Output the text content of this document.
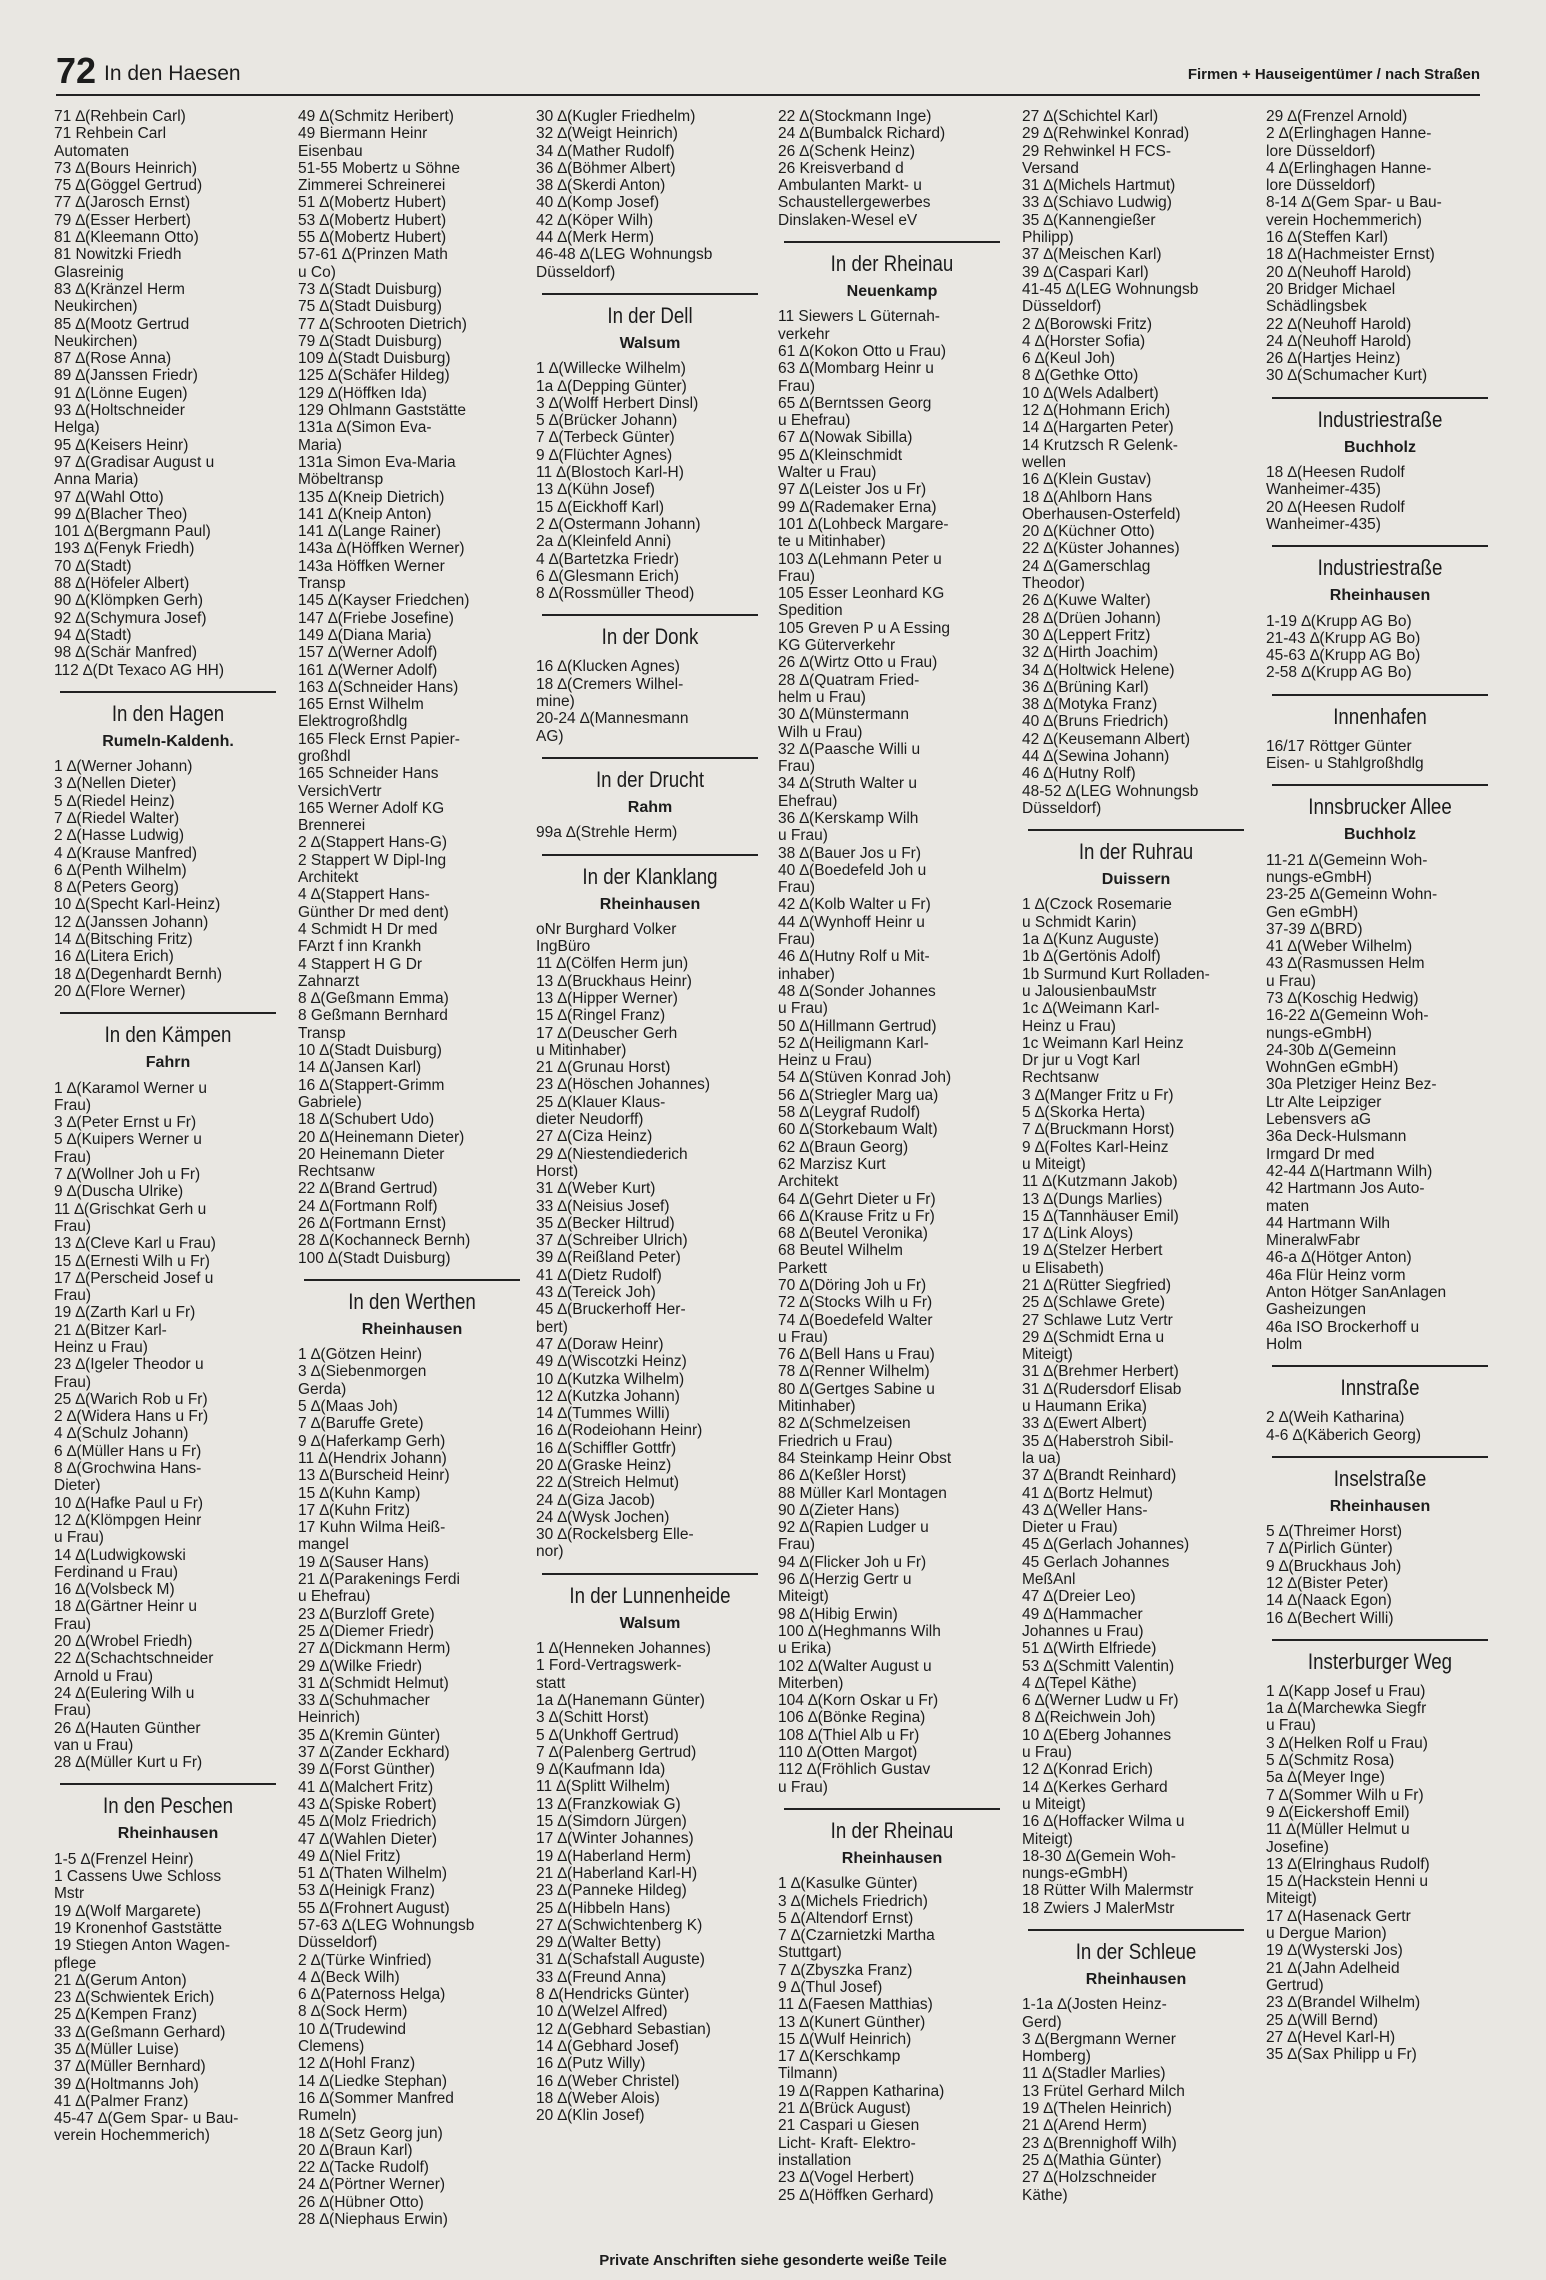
72 In den Haesen	Firmen + Hauseigentümer / nach Straßen
71 ∆(Rehbein Carl)
71 Rehbein Carl
Automaten
73 ∆(Bours Heinrich)
75 ∆(Göggel Gertrud)
77 ∆(Jarosch Ernst)
79 ∆(Esser Herbert)
81 ∆(Kleemann Otto)
81 Nowitzki Friedh
Glasreinig
83 ∆(Kränzel Herm
Neukirchen)
85 ∆(Mootz Gertrud
Neukirchen)
87 ∆(Rose Anna)
89 ∆(Janssen Friedr)
91 ∆(Lönne Eugen)
93 ∆(Holtschneider
Helga)
95 ∆(Keisers Heinr)
97 ∆(Gradisar August u
Anna Maria)
97 ∆(Wahl Otto)
99 ∆(Blacher Theo)
101 ∆(Bergmann Paul)
193 ∆(Fenyk Friedh)
70 ∆(Stadt)
88 ∆(Höfeler Albert)
90 ∆(Klömpken Gerh)
92 ∆(Schymura Josef)
94 ∆(Stadt)
98 ∆(Schär Manfred)
112 ∆(Dt Texaco AG HH)
In den Hagen
Rumeln-Kaldenh.
1 ∆(Werner Johann)
3 ∆(Nellen Dieter)
5 ∆(Riedel Heinz)
7 ∆(Riedel Walter)
2 ∆(Hasse Ludwig)
4 ∆(Krause Manfred)
6 ∆(Penth Wilhelm)
8 ∆(Peters Georg)
10 ∆(Specht Karl-Heinz)
12 ∆(Janssen Johann)
14 ∆(Bitsching Fritz)
16 ∆(Litera Erich)
18 ∆(Degenhardt Bernh)
20 ∆(Flore Werner)
In den Kämpen
Fahrn
1 ∆(Karamol Werner u
Frau)
3 ∆(Peter Ernst u Fr)
5 ∆(Kuipers Werner u
Frau)
7 ∆(Wollner Joh u Fr)
9 ∆(Duscha Ulrike)
11 ∆(Grischkat Gerh u
Frau)
13 ∆(Cleve Karl u Frau)
15 ∆(Ernesti Wilh u Fr)
17 ∆(Perscheid Josef u
Frau)
19 ∆(Zarth Karl u Fr)
21 ∆(Bitzer Karl-
Heinz u Frau)
23 ∆(Igeler Theodor u
Frau)
25 ∆(Warich Rob u Fr)
2 ∆(Widera Hans u Fr)
4 ∆(Schulz Johann)
6 ∆(Müller Hans u Fr)
8 ∆(Grochwina Hans-
Dieter)
10 ∆(Hafke Paul u Fr)
12 ∆(Klömpgen Heinr
u Frau)
14 ∆(Ludwigkowski
Ferdinand u Frau)
16 ∆(Volsbeck M)
18 ∆(Gärtner Heinr u
Frau)
20 ∆(Wrobel Friedh)
22 ∆(Schachtschneider
Arnold u Frau)
24 ∆(Eulering Wilh u
Frau)
26 ∆(Hauten Günther
van u Frau)
28 ∆(Müller Kurt u Fr)
In den Peschen
Rheinhausen
1-5 ∆(Frenzel Heinr)
1 Cassens Uwe Schloss
Mstr
19 ∆(Wolf Margarete)
19 Kronenhof Gaststätte
19 Stiegen Anton Wagen-
pflege
21 ∆(Gerum Anton)
23 ∆(Schwientek Erich)
25 ∆(Kempen Franz)
33 ∆(Geßmann Gerhard)
35 ∆(Müller Luise)
37 ∆(Müller Bernhard)
39 ∆(Holtmanns Joh)
41 ∆(Palmer Franz)
45-47 ∆(Gem Spar- u Bau-
verein Hochemmerich)
49 ∆(Schmitz Heribert)
49 Biermann Heinr
Eisenbau
51-55 Mobertz u Söhne
Zimmerei Schreinerei
51 ∆(Mobertz Hubert)
53 ∆(Mobertz Hubert)
55 ∆(Mobertz Hubert)
57-61 ∆(Prinzen Math
u Co)
73 ∆(Stadt Duisburg)
75 ∆(Stadt Duisburg)
77 ∆(Schrooten Dietrich)
79 ∆(Stadt Duisburg)
109 ∆(Stadt Duisburg)
125 ∆(Schäfer Hildeg)
129 ∆(Höffken Ida)
129 Ohlmann Gaststätte
131a ∆(Simon Eva-
Maria)
131a Simon Eva-Maria
Möbeltransp
135 ∆(Kneip Dietrich)
141 ∆(Kneip Anton)
141 ∆(Lange Rainer)
143a ∆(Höffken Werner)
143a Höffken Werner
Transp
145 ∆(Kayser Friedchen)
147 ∆(Friebe Josefine)
149 ∆(Diana Maria)
157 ∆(Werner Adolf)
161 ∆(Werner Adolf)
163 ∆(Schneider Hans)
165 Ernst Wilhelm
Elektrogroßhdlg
165 Fleck Ernst Papier-
großhdl
165 Schneider Hans
VersichVertr
165 Werner Adolf KG
Brennerei
2 ∆(Stappert Hans-G)
2 Stappert W Dipl-Ing
Architekt
4 ∆(Stappert Hans-
Günther Dr med dent)
4 Schmidt H Dr med
FArzt f inn Krankh
4 Stappert H G Dr
Zahnarzt
8 ∆(Geßmann Emma)
8 Geßmann Bernhard
Transp
10 ∆(Stadt Duisburg)
14 ∆(Jansen Karl)
16 ∆(Stappert-Grimm
Gabriele)
18 ∆(Schubert Udo)
20 ∆(Heinemann Dieter)
20 Heinemann Dieter
Rechtsanw
22 ∆(Brand Gertrud)
24 ∆(Fortmann Rolf)
26 ∆(Fortmann Ernst)
28 ∆(Kochanneck Bernh)
100 ∆(Stadt Duisburg)
In den Werthen
Rheinhausen
1 ∆(Götzen Heinr)
3 ∆(Siebenmorgen
Gerda)
5 ∆(Maas Joh)
7 ∆(Baruffe Grete)
9 ∆(Haferkamp Gerh)
11 ∆(Hendrix Johann)
13 ∆(Burscheid Heinr)
15 ∆(Kuhn Kamp)
17 ∆(Kuhn Fritz)
17 Kuhn Wilma Heiß-
mangel
19 ∆(Sauser Hans)
21 ∆(Parakenings Ferdi
u Ehefrau)
23 ∆(Burzloff Grete)
25 ∆(Diemer Friedr)
27 ∆(Dickmann Herm)
29 ∆(Wilke Friedr)
31 ∆(Schmidt Helmut)
33 ∆(Schuhmacher
Heinrich)
35 ∆(Kremin Günter)
37 ∆(Zander Eckhard)
39 ∆(Forst Günther)
41 ∆(Malchert Fritz)
43 ∆(Spiske Robert)
45 ∆(Molz Friedrich)
47 ∆(Wahlen Dieter)
49 ∆(Niel Fritz)
51 ∆(Thaten Wilhelm)
53 ∆(Heinigk Franz)
55 ∆(Frohnert August)
57-63 ∆(LEG Wohnungsb
Düsseldorf)
2 ∆(Türke Winfried)
4 ∆(Beck Wilh)
6 ∆(Paternoss Helga)
8 ∆(Sock Herm)
10 ∆(Trudewind
Clemens)
12 ∆(Hohl Franz)
14 ∆(Liedke Stephan)
16 ∆(Sommer Manfred
Rumeln)
18 ∆(Setz Georg jun)
20 ∆(Braun Karl)
22 ∆(Tacke Rudolf)
24 ∆(Pörtner Werner)
26 ∆(Hübner Otto)
28 ∆(Niephaus Erwin)
30 ∆(Kugler Friedhelm)
32 ∆(Weigt Heinrich)
34 ∆(Mather Rudolf)
36 ∆(Böhmer Albert)
38 ∆(Skerdi Anton)
40 ∆(Komp Josef)
42 ∆(Köper Wilh)
44 ∆(Merk Herm)
46-48 ∆(LEG Wohnungsb
Düsseldorf)
In der Dell
Walsum
1 ∆(Willecke Wilhelm)
1a ∆(Depping Günter)
3 ∆(Wolff Herbert Dinsl)
5 ∆(Brücker Johann)
7 ∆(Terbeck Günter)
9 ∆(Flüchter Agnes)
11 ∆(Blostoch Karl-H)
13 ∆(Kühn Josef)
15 ∆(Eickhoff Karl)
2 ∆(Ostermann Johann)
2a ∆(Kleinfeld Anni)
4 ∆(Bartetzka Friedr)
6 ∆(Glesmann Erich)
8 ∆(Rossmüller Theod)
In der Donk
16 ∆(Klucken Agnes)
18 ∆(Cremers Wilhel-
mine)
20-24 ∆(Mannesmann
AG)
In der Drucht
Rahm
99a ∆(Strehle Herm)
In der Klanklang
Rheinhausen
oNr Burghard Volker
IngBüro
11 ∆(Cölfen Herm jun)
13 ∆(Bruckhaus Heinr)
13 ∆(Hipper Werner)
15 ∆(Ringel Franz)
17 ∆(Deuscher Gerh
u Mitinhaber)
21 ∆(Grunau Horst)
23 ∆(Höschen Johannes)
25 ∆(Klauer Klaus-
dieter Neudorff)
27 ∆(Ciza Heinz)
29 ∆(Niestendiederich
Horst)
31 ∆(Weber Kurt)
33 ∆(Neisius Josef)
35 ∆(Becker Hiltrud)
37 ∆(Schreiber Ulrich)
39 ∆(Reißland Peter)
41 ∆(Dietz Rudolf)
43 ∆(Tereick Joh)
45 ∆(Bruckerhoff Her-
bert)
47 ∆(Doraw Heinr)
49 ∆(Wiscotzki Heinz)
10 ∆(Kutzka Wilhelm)
12 ∆(Kutzka Johann)
14 ∆(Tummes Willi)
16 ∆(Rodeiohann Heinr)
16 ∆(Schiffler Gottfr)
20 ∆(Graske Heinz)
22 ∆(Streich Helmut)
24 ∆(Giza Jacob)
24 ∆(Wysk Jochen)
30 ∆(Rockelsberg Elle-
nor)
In der Lunnenheide
Walsum
1 ∆(Henneken Johannes)
1 Ford-Vertragswerk-
statt
1a ∆(Hanemann Günter)
3 ∆(Schitt Horst)
5 ∆(Unkhoff Gertrud)
7 ∆(Palenberg Gertrud)
9 ∆(Kaufmann Ida)
11 ∆(Splitt Wilhelm)
13 ∆(Franzkowiak G)
15 ∆(Simdorn Jürgen)
17 ∆(Winter Johannes)
19 ∆(Haberland Herm)
21 ∆(Haberland Karl-H)
23 ∆(Panneke Hildeg)
25 ∆(Hibbeln Hans)
27 ∆(Schwichtenberg K)
29 ∆(Walter Betty)
31 ∆(Schafstall Auguste)
33 ∆(Freund Anna)
8 ∆(Hendricks Günter)
10 ∆(Welzel Alfred)
12 ∆(Gebhard Sebastian)
14 ∆(Gebhard Josef)
16 ∆(Putz Willy)
16 ∆(Weber Christel)
18 ∆(Weber Alois)
20 ∆(Klin Josef)
22 ∆(Stockmann Inge)
24 ∆(Bumbalck Richard)
26 ∆(Schenk Heinz)
26 Kreisverband d
Ambulanten Markt- u
Schaustellergewerbes
Dinslaken-Wesel eV
In der Rheinau
Neuenkamp
11 Siewers L Güternah-
verkehr
61 ∆(Kokon Otto u Frau)
63 ∆(Mombarg Heinr u
Frau)
65 ∆(Berntssen Georg
u Ehefrau)
67 ∆(Nowak Sibilla)
95 ∆(Kleinschmidt
Walter u Frau)
97 ∆(Leister Jos u Fr)
99 ∆(Rademaker Erna)
101 ∆(Lohbeck Margare-
te u Mitinhaber)
103 ∆(Lehmann Peter u
Frau)
105 Esser Leonhard KG
Spedition
105 Greven P u A Essing
KG Güterverkehr
26 ∆(Wirtz Otto u Frau)
28 ∆(Quatram Fried-
helm u Frau)
30 ∆(Münstermann
Wilh u Frau)
32 ∆(Paasche Willi u
Frau)
34 ∆(Struth Walter u
Ehefrau)
36 ∆(Kerskamp Wilh
u Frau)
38 ∆(Bauer Jos u Fr)
40 ∆(Boedefeld Joh u
Frau)
42 ∆(Kolb Walter u Fr)
44 ∆(Wynhoff Heinr u
Frau)
46 ∆(Hutny Rolf u Mit-
inhaber)
48 ∆(Sonder Johannes
u Frau)
50 ∆(Hillmann Gertrud)
52 ∆(Heiligmann Karl-
Heinz u Frau)
54 ∆(Stüven Konrad Joh)
56 ∆(Striegler Marg ua)
58 ∆(Leygraf Rudolf)
60 ∆(Storkebaum Walt)
62 ∆(Braun Georg)
62 Marzisz Kurt
Architekt
64 ∆(Gehrt Dieter u Fr)
66 ∆(Krause Fritz u Fr)
68 ∆(Beutel Veronika)
68 Beutel Wilhelm
Parkett
70 ∆(Döring Joh u Fr)
72 ∆(Stocks Wilh u Fr)
74 ∆(Boedefeld Walter
u Frau)
76 ∆(Bell Hans u Frau)
78 ∆(Renner Wilhelm)
80 ∆(Gertges Sabine u
Mitinhaber)
82 ∆(Schmelzeisen
Friedrich u Frau)
84 Steinkamp Heinr Obst
86 ∆(Keßler Horst)
88 Müller Karl Montagen
90 ∆(Zieter Hans)
92 ∆(Rapien Ludger u
Frau)
94 ∆(Flicker Joh u Fr)
96 ∆(Herzig Gertr u
Miteigt)
98 ∆(Hibig Erwin)
100 ∆(Heghmanns Wilh
u Erika)
102 ∆(Walter August u
Miterben)
104 ∆(Korn Oskar u Fr)
106 ∆(Bönke Regina)
108 ∆(Thiel Alb u Fr)
110 ∆(Otten Margot)
112 ∆(Fröhlich Gustav
u Frau)
In der Rheinau
Rheinhausen
1 ∆(Kasulke Günter)
3 ∆(Michels Friedrich)
5 ∆(Altendorf Ernst)
7 ∆(Czarnietzki Martha
Stuttgart)
7 ∆(Zbyszka Franz)
9 ∆(Thul Josef)
11 ∆(Faesen Matthias)
13 ∆(Kunert Günther)
15 ∆(Wulf Heinrich)
17 ∆(Kerschkamp
Tilmann)
19 ∆(Rappen Katharina)
21 ∆(Brück August)
21 Caspari u Giesen
Licht- Kraft- Elektro-
installation
23 ∆(Vogel Herbert)
25 ∆(Höffken Gerhard)
27 ∆(Schichtel Karl)
29 ∆(Rehwinkel Konrad)
29 Rehwinkel H FCS-
Versand
31 ∆(Michels Hartmut)
33 ∆(Schiavo Ludwig)
35 ∆(Kannengießer
Philipp)
37 ∆(Meischen Karl)
39 ∆(Caspari Karl)
41-45 ∆(LEG Wohnungsb
Düsseldorf)
2 ∆(Borowski Fritz)
4 ∆(Horster Sofia)
6 ∆(Keul Joh)
8 ∆(Gethke Otto)
10 ∆(Wels Adalbert)
12 ∆(Hohmann Erich)
14 ∆(Hargarten Peter)
14 Krutzsch R Gelenk-
wellen
16 ∆(Klein Gustav)
18 ∆(Ahlborn Hans
Oberhausen-Osterfeld)
20 ∆(Küchner Otto)
22 ∆(Küster Johannes)
24 ∆(Gamerschlag
Theodor)
26 ∆(Kuwe Walter)
28 ∆(Drüen Johann)
30 ∆(Leppert Fritz)
32 ∆(Hirth Joachim)
34 ∆(Holtwick Helene)
36 ∆(Brüning Karl)
38 ∆(Motyka Franz)
40 ∆(Bruns Friedrich)
42 ∆(Keusemann Albert)
44 ∆(Sewina Johann)
46 ∆(Hutny Rolf)
48-52 ∆(LEG Wohnungsb
Düsseldorf)
In der Ruhrau
Duissern
1 ∆(Czock Rosemarie
u Schmidt Karin)
1a ∆(Kunz Auguste)
1b ∆(Gertönis Adolf)
1b Surmund Kurt Rolladen-
u JalousienbauMstr
1c ∆(Weimann Karl-
Heinz u Frau)
1c Weimann Karl Heinz
Dr jur u Vogt Karl
Rechtsanw
3 ∆(Manger Fritz u Fr)
5 ∆(Skorka Herta)
7 ∆(Bruckmann Horst)
9 ∆(Foltes Karl-Heinz
u Miteigt)
11 ∆(Kutzmann Jakob)
13 ∆(Dungs Marlies)
15 ∆(Tannhäuser Emil)
17 ∆(Link Aloys)
19 ∆(Stelzer Herbert
u Elisabeth)
21 ∆(Rütter Siegfried)
25 ∆(Schlawe Grete)
27 Schlawe Lutz Vertr
29 ∆(Schmidt Erna u
Miteigt)
31 ∆(Brehmer Herbert)
31 ∆(Rudersdorf Elisab
u Haumann Erika)
33 ∆(Ewert Albert)
35 ∆(Haberstroh Sibil-
la ua)
37 ∆(Brandt Reinhard)
41 ∆(Bortz Helmut)
43 ∆(Weller Hans-
Dieter u Frau)
45 ∆(Gerlach Johannes)
45 Gerlach Johannes
MeßAnl
47 ∆(Dreier Leo)
49 ∆(Hammacher
Johannes u Frau)
51 ∆(Wirth Elfriede)
53 ∆(Schmitt Valentin)
4 ∆(Tepel Käthe)
6 ∆(Werner Ludw u Fr)
8 ∆(Reichwein Joh)
10 ∆(Eberg Johannes
u Frau)
12 ∆(Konrad Erich)
14 ∆(Kerkes Gerhard
u Miteigt)
16 ∆(Hoffacker Wilma u
Miteigt)
18-30 ∆(Gemein Woh-
nungs-eGmbH)
18 Rütter Wilh Malermstr
18 Zwiers J MalerMstr
In der Schleue
Rheinhausen
1-1a ∆(Josten Heinz-
Gerd)
3 ∆(Bergmann Werner
Homberg)
11 ∆(Stadler Marlies)
13 Frütel Gerhard Milch
19 ∆(Thelen Heinrich)
21 ∆(Arend Herm)
23 ∆(Brennighoff Wilh)
25 ∆(Mathia Günter)
27 ∆(Holzschneider
Käthe)
29 ∆(Frenzel Arnold)
2 ∆(Erlinghagen Hanne-
lore Düsseldorf)
4 ∆(Erlinghagen Hanne-
lore Düsseldorf)
8-14 ∆(Gem Spar- u Bau-
verein Hochemmerich)
16 ∆(Steffen Karl)
18 ∆(Hachmeister Ernst)
20 ∆(Neuhoff Harold)
20 Bridger Michael
Schädlingsbek
22 ∆(Neuhoff Harold)
24 ∆(Neuhoff Harold)
26 ∆(Hartjes Heinz)
30 ∆(Schumacher Kurt)
Industriestraße
Buchholz
18 ∆(Heesen Rudolf
Wanheimer-435)
20 ∆(Heesen Rudolf
Wanheimer-435)
Industriestraße
Rheinhausen
1-19 ∆(Krupp AG Bo)
21-43 ∆(Krupp AG Bo)
45-63 ∆(Krupp AG Bo)
2-58 ∆(Krupp AG Bo)
Innenhafen
16/17 Röttger Günter
Eisen- u Stahlgroßhdlg
Innsbrucker Allee
Buchholz
11-21 ∆(Gemeinn Woh-
nungs-eGmbH)
23-25 ∆(Gemeinn Wohn-
Gen eGmbH)
37-39 ∆(BRD)
41 ∆(Weber Wilhelm)
43 ∆(Rasmussen Helm
u Frau)
73 ∆(Koschig Hedwig)
16-22 ∆(Gemeinn Woh-
nungs-eGmbH)
24-30b ∆(Gemeinn
WohnGen eGmbH)
30a Pletziger Heinz Bez-
Ltr Alte Leipziger
Lebensvers aG
36a Deck-Hulsmann
Irmgard Dr med
42-44 ∆(Hartmann Wilh)
42 Hartmann Jos Auto-
maten
44 Hartmann Wilh
MineralwFabr
46-a ∆(Hötger Anton)
46a Flür Heinz vorm
Anton Hötger SanAnlagen
Gasheizungen
46a ISO Brockerhoff u
Holm
Innstraße
2 ∆(Weih Katharina)
4-6 ∆(Käberich Georg)
Inselstraße
Rheinhausen
5 ∆(Threimer Horst)
7 ∆(Pirlich Günter)
9 ∆(Bruckhaus Joh)
12 ∆(Bister Peter)
14 ∆(Naack Egon)
16 ∆(Bechert Willi)
Insterburger Weg
1 ∆(Kapp Josef u Frau)
1a ∆(Marchewka Siegfr
u Frau)
3 ∆(Helken Rolf u Frau)
5 ∆(Schmitz Rosa)
5a ∆(Meyer Inge)
7 ∆(Sommer Wilh u Fr)
9 ∆(Eickershoff Emil)
11 ∆(Müller Helmut u
Josefine)
13 ∆(Elringhaus Rudolf)
15 ∆(Hackstein Henni u
Miteigt)
17 ∆(Hasenack Gertr
u Dergue Marion)
19 ∆(Wysterski Jos)
21 ∆(Jahn Adelheid
Gertrud)
23 ∆(Brandel Wilhelm)
25 ∆(Will Bernd)
27 ∆(Hevel Karl-H)
35 ∆(Sax Philipp u Fr)
Private Anschriften siehe gesonderte weiße Teile
